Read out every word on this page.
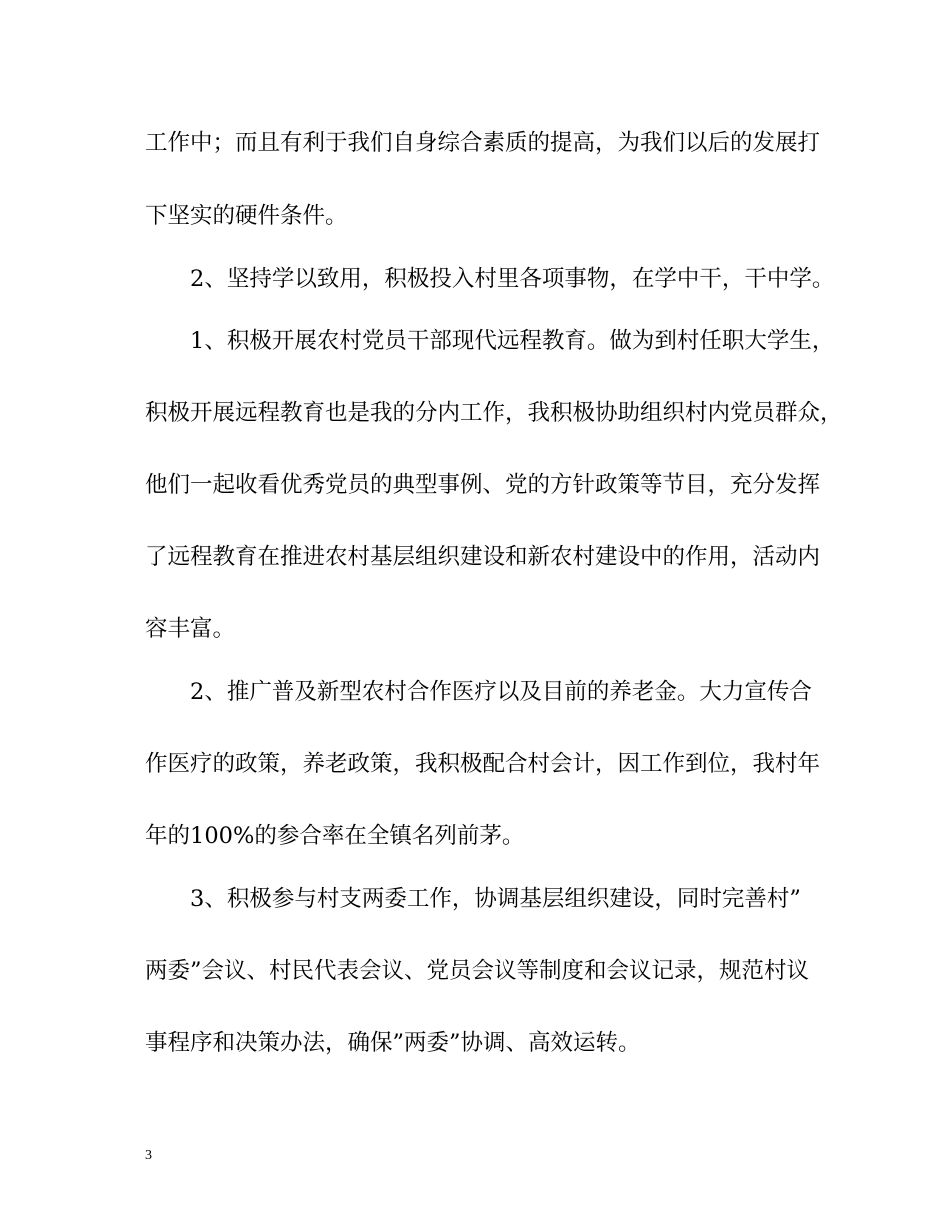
工作中；而且有利于我们自身综合素质的提高，为我们以后的发展打
下坚实的硬件条件。
2、坚持学以致用，积极投入村里各项事物，在学中干，干中学。
1、积极开展农村党员干部现代远程教育。做为到村任职大学生，
积极开展远程教育也是我的分内工作，我积极协助组织村内党员群众，
他们一起收看优秀党员的典型事例、党的方针政策等节目，充分发挥
了远程教育在推进农村基层组织建设和新农村建设中的作用，活动内
容丰富。
2、推广普及新型农村合作医疗以及目前的养老金。大力宣传合
作医疗的政策，养老政策，我积极配合村会计，因工作到位，我村年
年的100%的参合率在全镇名列前茅。
3、积极参与村支两委工作，协调基层组织建设，同时完善村”
两委”会议、村民代表会议、党员会议等制度和会议记录，规范村议
事程序和决策办法，确保”两委”协调、高效运转。
3
